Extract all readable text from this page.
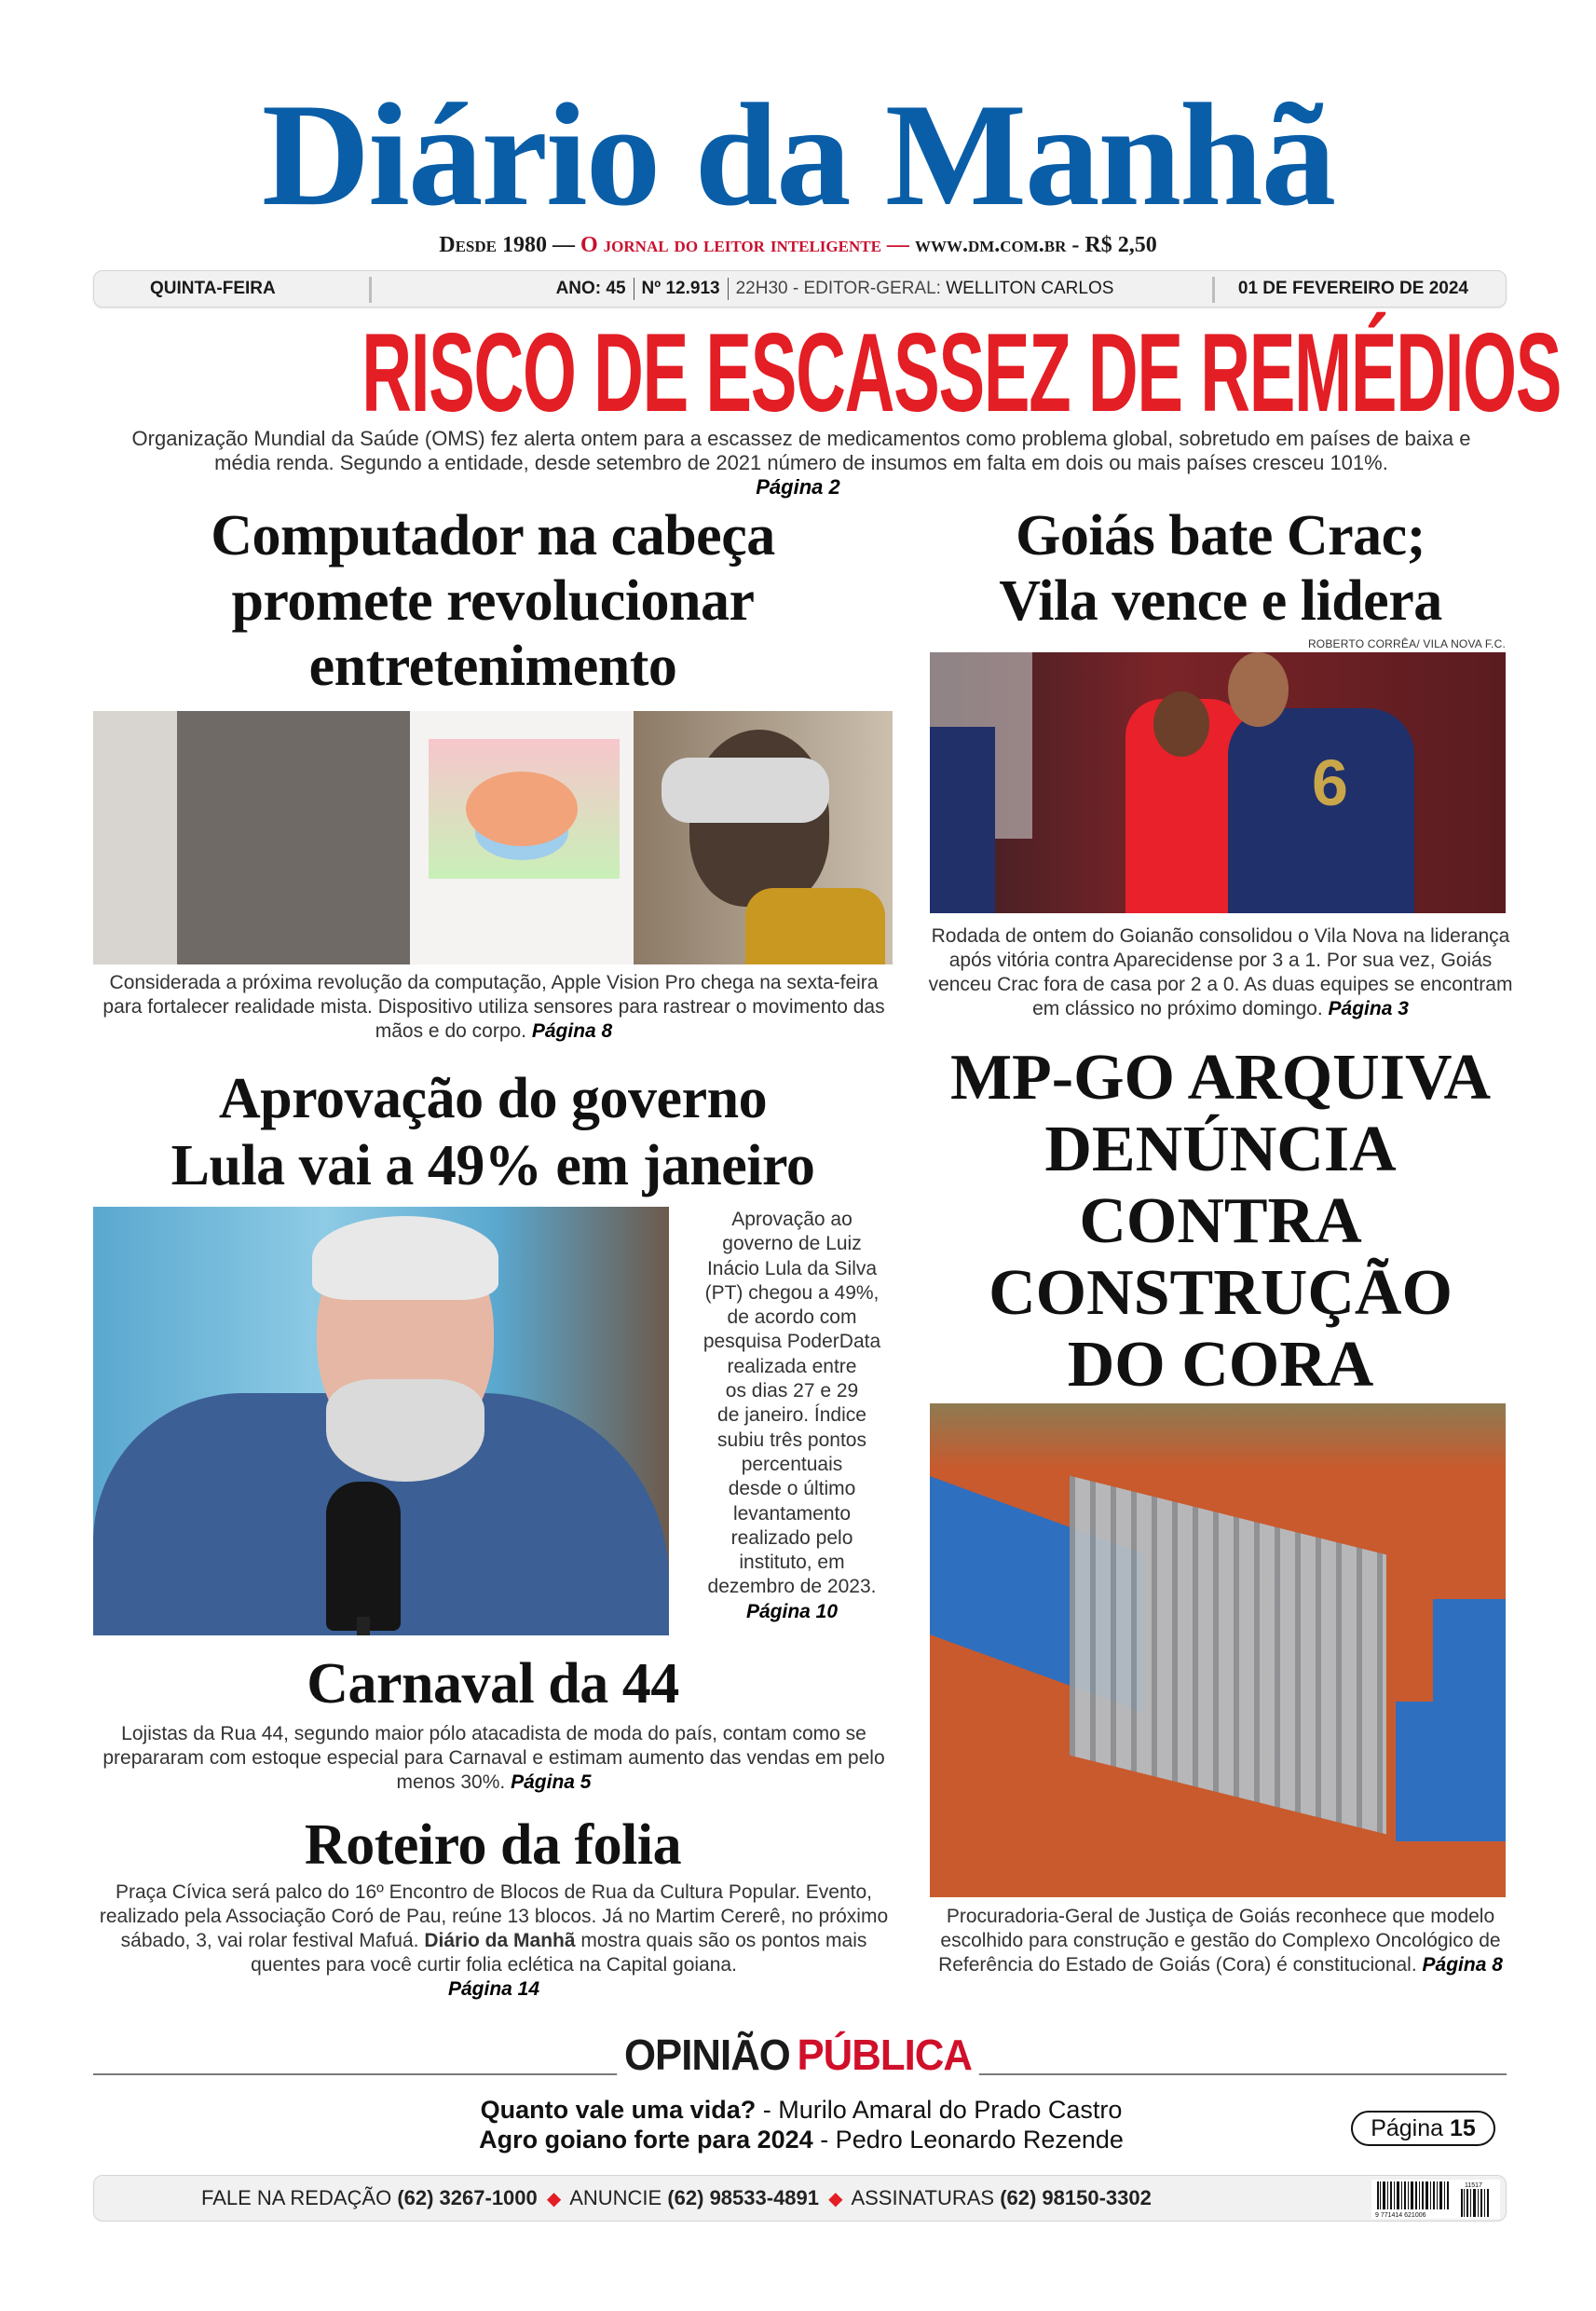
Diário da Manhã
Desde 1980 — O jornal do leitor inteligente — www.dm.com.br - R$ 2,50
QUINTA-FEIRA	ANO: 45 Nº 12.913 22H30 - EDITOR-GERAL: WELLITON CARLOS	01 DE FEVEREIRO DE 2024
RISCO DE ESCASSEZ DE REMÉDIOS
Organização Mundial da Saúde (OMS) fez alerta ontem para a escassez de medicamentos como problema global, sobretudo em países de baixa e média renda. Segundo a entidade, desde setembro de 2021 número de insumos em falta em dois ou mais países cresceu 101%.
Página 2
Computador na cabeça
promete revolucionar
entretenimento
Considerada a próxima revolução da computação, Apple Vision Pro chega na sexta-feira para fortalecer realidade mista. Dispositivo utiliza sensores para rastrear o movimento das mãos e do corpo. Página 8
Goiás bate Crac;
Vila vence e lidera
ROBERTO CORRÊA/ VILA NOVA F.C.
6
Rodada de ontem do Goianão consolidou o Vila Nova na liderança após vitória contra Aparecidense por 3 a 1. Por sua vez, Goiás venceu Crac fora de casa por 2 a 0. As duas equipes se encontram em clássico no próximo domingo. Página 3
Aprovação do governo
Lula vai a 49% em janeiro
Aprovação ao
governo de Luiz
Inácio Lula da Silva
(PT) chegou a 49%,
de acordo com
pesquisa PoderData
realizada entre
os dias 27 e 29
de janeiro. Índice
subiu três pontos
percentuais
desde o último
levantamento
realizado pelo
instituto, em
dezembro de 2023.
Página 10
MP-GO ARQUIVA
DENÚNCIA
CONTRA
CONSTRUÇÃO
DO CORA
Procuradoria-Geral de Justiça de Goiás reconhece que modelo escolhido para construção e gestão do Complexo Oncológico de Referência do Estado de Goiás (Cora) é constitucional. Página 8
Carnaval da 44
Lojistas da Rua 44, segundo maior pólo atacadista de moda do país, contam como se prepararam com estoque especial para Carnaval e estimam aumento das vendas em pelo menos 30%. Página 5
Roteiro da folia
Praça Cívica será palco do 16º Encontro de Blocos de Rua da Cultura Popular. Evento, realizado pela Associação Coró de Pau, reúne 13 blocos. Já no Martim Cererê, no próximo sábado, 3, vai rolar festival Mafuá. Diário da Manhã mostra quais são os pontos mais quentes para você curtir folia eclética na Capital goiana.
Página 14
OPINIÃO PÚBLICA
Quanto vale uma vida? - Murilo Amaral do Prado Castro
Agro goiano forte para 2024 - Pedro Leonardo Rezende	Página 15
FALE NA REDAÇÃO (62) 3267-1000 ◆ ANUNCIE (62) 98533-4891 ◆ ASSINATURAS (62) 98150-3302
9 771414 621006
11517
